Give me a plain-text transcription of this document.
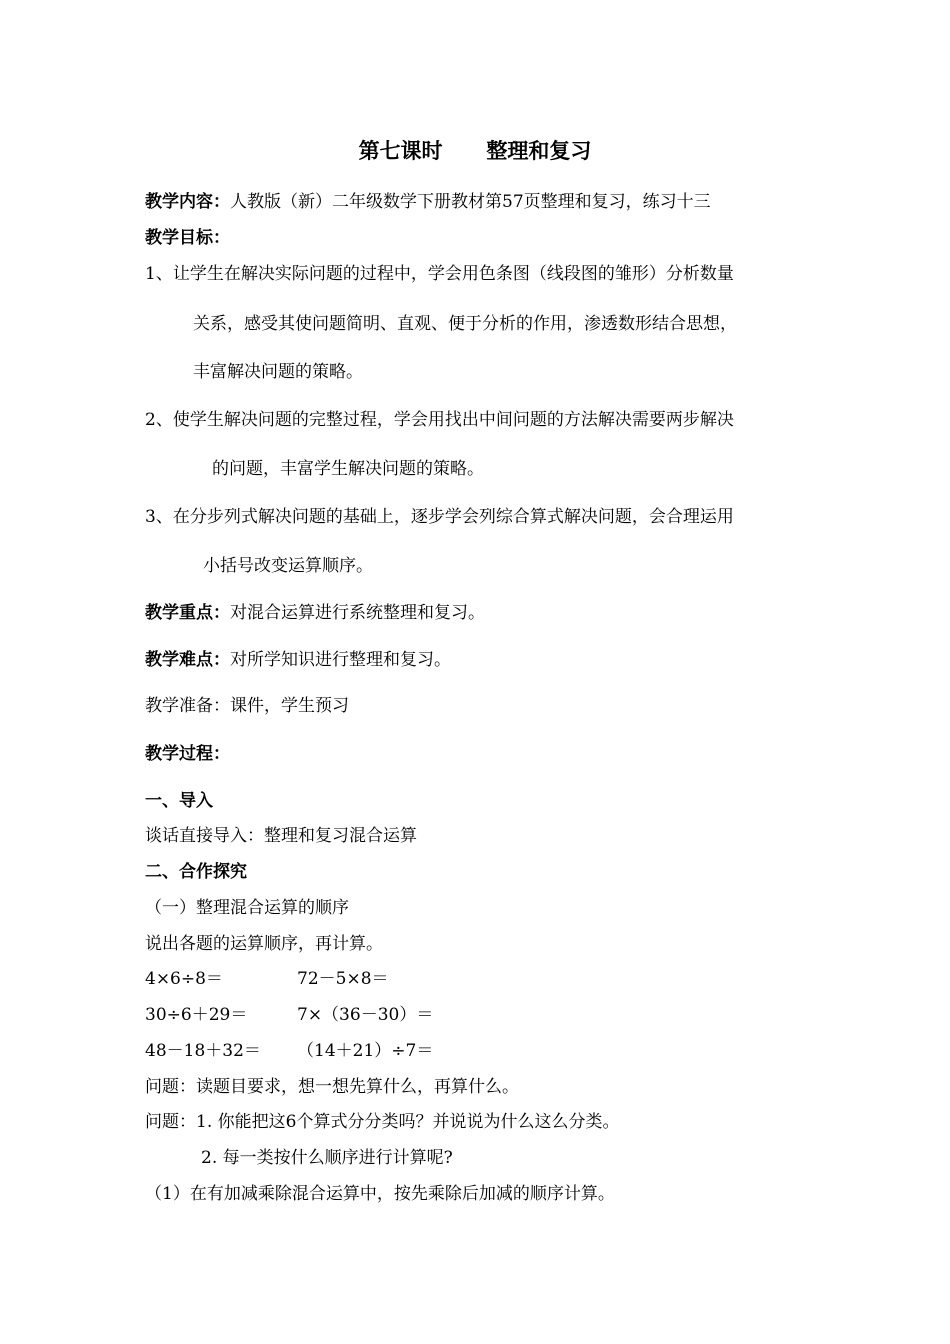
第七课时      整理和复习
教学内容：人教版（新）二年级数学下册教材第57页整理和复习，练习十三
教学目标：
1、让学生在解决实际问题的过程中，学会用色条图（线段图的雏形）分析数量
关系，感受其使问题简明、直观、便于分析的作用，渗透数形结合思想，
丰富解决问题的策略。
2、使学生解决问题的完整过程，学会用找出中间问题的方法解决需要两步解决
的问题，丰富学生解决问题的策略。
3、在分步列式解决问题的基础上，逐步学会列综合算式解决问题，会合理运用
小括号改变运算顺序。
教学重点：对混合运算进行系统整理和复习。
教学难点：对所学知识进行整理和复习。
教学准备：课件，学生预习
教学过程：
一、导入
谈话直接导入：整理和复习混合运算
二、合作探究
（一）整理混合运算的顺序
说出各题的运算顺序，再计算。
4×6÷8＝	72－5×8＝
30÷6＋29＝	7×（36－30）＝
48－18＋32＝ （14＋21）÷7＝
问题：读题目要求，想一想先算什么，再算什么。
问题：1. 你能把这6个算式分分类吗？并说说为什么这么分类。
2. 每一类按什么顺序进行计算呢?
（1）在有加减乘除混合运算中，按先乘除后加减的顺序计算。
